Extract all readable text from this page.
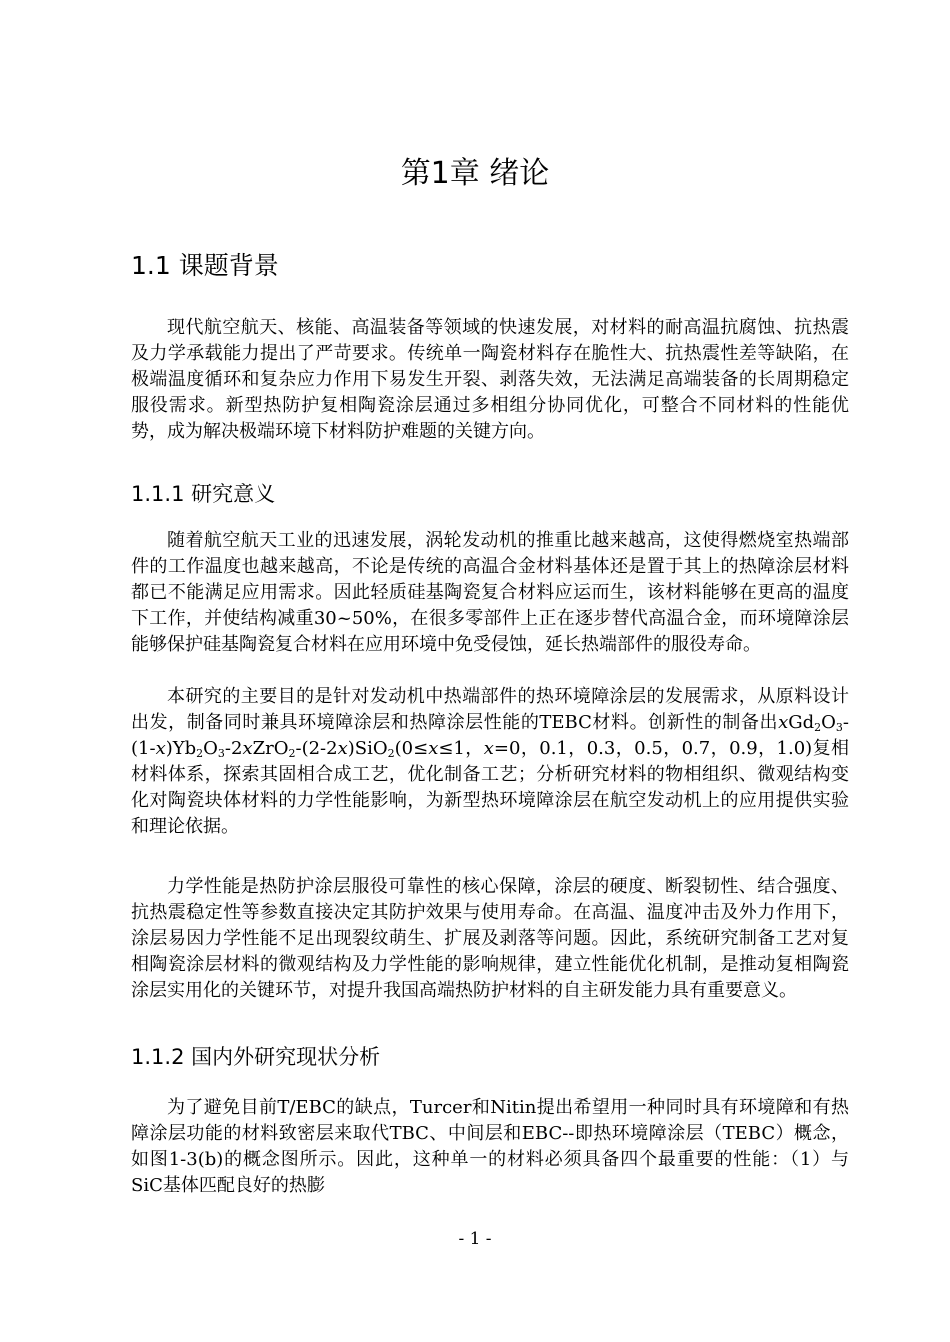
第1章 绪论
1.1 课题背景

现代航空航天、核能、高温装备等领域的快速发展，对材料的耐高温抗腐蚀、抗热震及力学承载能力提出了严苛要求。传统单一陶瓷材料存在脆性大、抗热震性差等缺陷，在极端温度循环和复杂应力作用下易发生开裂、剥落失效，无法满足高端装备的长周期稳定服役需求。新型热防护复相陶瓷涂层通过多相组分协同优化，可整合不同材料的性能优势，成为解决极端环境下材料防护难题的关键方向。

1.1.1 研究意义

随着航空航天工业的迅速发展，涡轮发动机的推重比越来越高，这使得燃烧室热端部件的工作温度也越来越高，不论是传统的高温合金材料基体还是置于其上的热障涂层材料都已不能满足应用需求。因此轻质硅基陶瓷复合材料应运而生，该材料能够在更高的温度下工作，并使结构减重30~50%，在很多零部件上正在逐步替代高温合金，而环境障涂层能够保护硅基陶瓷复合材料在应用环境中免受侵蚀，延长热端部件的服役寿命。

本研究的主要目的是针对发动机中热端部件的热环境障涂层的发展需求，从原料设计出发，制备同时兼具环境障涂层和热障涂层性能的TEBC材料。创新性的制备出$xGd_2O_3-(1-x)Yb_2O_3-2xZrO_2-(2-2x)SiO_2(0\le x\le 1$，x=0，0.1，0.3，0.5，0.7，0.9，1.0)复相材料体系，探索其固相合成工艺，优化制备工艺；分析研究材料的物相组织、微观结构变化对陶瓷块体材料的力学性能影响，为新型热环境障涂层在航空发动机上的应用提供实验和理论依据。

力学性能是热防护涂层服役可靠性的核心保障，涂层的硬度、断裂韧性、结合强度、抗热震稳定性等参数直接决定其防护效果与使用寿命。在高温、温度冲击及外力作用下，涂层易因力学性能不足出现裂纹萌生、扩展及剥落等问题。因此，系统研究制备工艺对复相陶瓷涂层材料的微观结构及力学性能的影响规律，建立性能优化机制，是推动复相陶瓷涂层实用化的关键环节，对提升我国高端热防护材料的自主研发能力具有重要意义。

1.1.2 国内外研究现状分析

为了避免目前T/EBC的缺点，Turcer和Nitin提出希望用一种同时具有环境障和有热障涂层功能的材料致密层来取代TBC、中间层和EBC--即热环境障涂层（TEBC）概念，如图1-3(b)的概念图所示。因此，这种单一的材料必须具备四个最重要的性能：（1）与SiC基体匹配良好的热膨

- 1 -
